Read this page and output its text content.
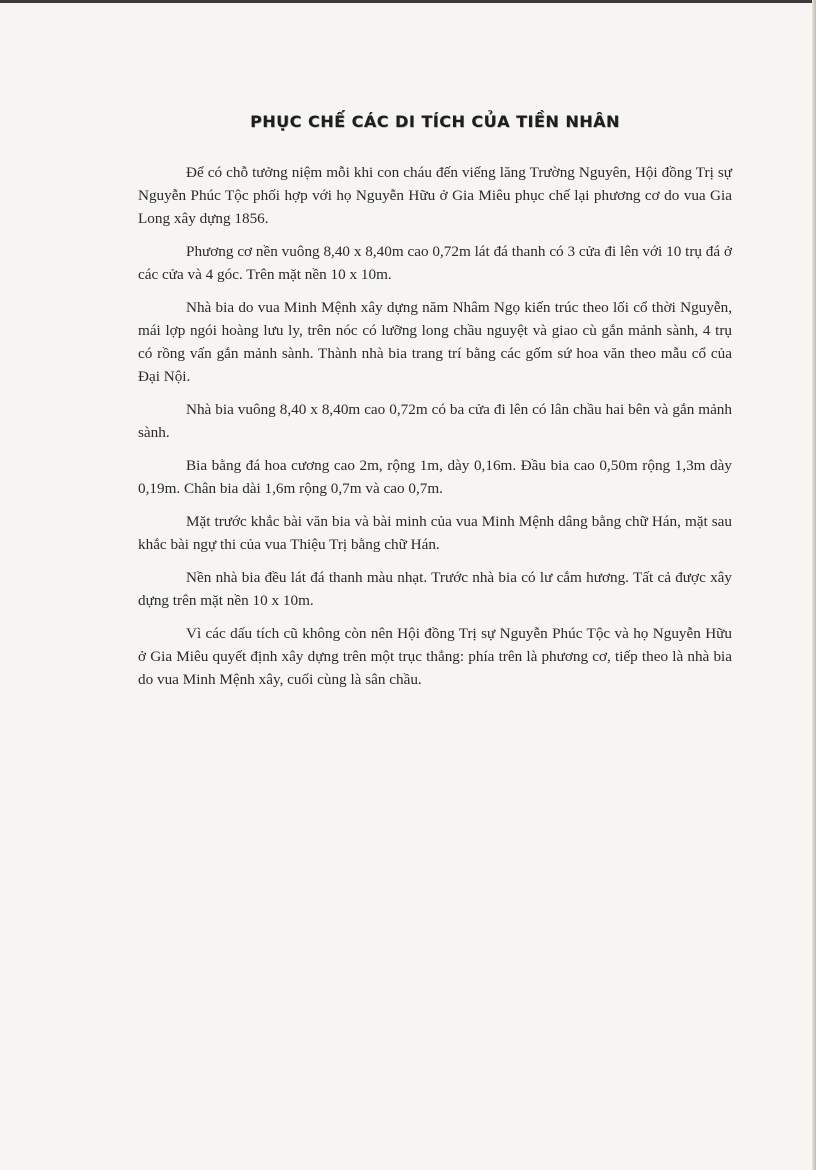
PHỤC CHẾ CÁC DI TÍCH CỦA TIỀN NHÂN

Để có chỗ tưởng niệm mỗi khi con cháu đến viếng lăng Trường Nguyên, Hội đồng Trị sự Nguyễn Phúc Tộc phối hợp với họ Nguyễn Hữu ở Gia Miêu phục chế lại phương cơ do vua Gia Long xây dựng 1856.

Phương cơ nền vuông 8,40 x 8,40m cao 0,72m lát đá thanh có 3 cửa đi lên với 10 trụ đá ở các cửa và 4 góc. Trên mặt nền 10 x 10m.

Nhà bia do vua Minh Mệnh xây dựng năm Nhâm Ngọ kiến trúc theo lối cổ thời Nguyễn, mái lợp ngói hoàng lưu ly, trên nóc có lưỡng long chầu nguyệt và giao cù gắn mảnh sành, 4 trụ có rồng vấn gắn mảnh sành. Thành nhà bia trang trí bằng các gốm sứ hoa văn theo mẫu cổ của Đại Nội.

Nhà bia vuông 8,40 x 8,40m cao 0,72m có ba cửa đi lên có lân chầu hai bên và gắn mảnh sành.

Bia bằng đá hoa cương cao 2m, rộng 1m, dày 0,16m. Đầu bia cao 0,50m rộng 1,3m dày 0,19m. Chân bia dài 1,6m rộng 0,7m và cao 0,7m.

Mặt trước khắc bài văn bia và bài minh của vua Minh Mệnh dâng bằng chữ Hán, mặt sau khắc bài ngự thi của vua Thiệu Trị bằng chữ Hán.

Nền nhà bia đều lát đá thanh màu nhạt. Trước nhà bia có lư cắm hương. Tất cả được xây dựng trên mặt nền 10 x 10m.

Vì các dấu tích cũ không còn nên Hội đồng Trị sự Nguyễn Phúc Tộc và họ Nguyễn Hữu ở Gia Miêu quyết định xây dựng trên một trục thẳng: phía trên là phương cơ, tiếp theo là nhà bia do vua Minh Mệnh xây, cuối cùng là sân chầu.
